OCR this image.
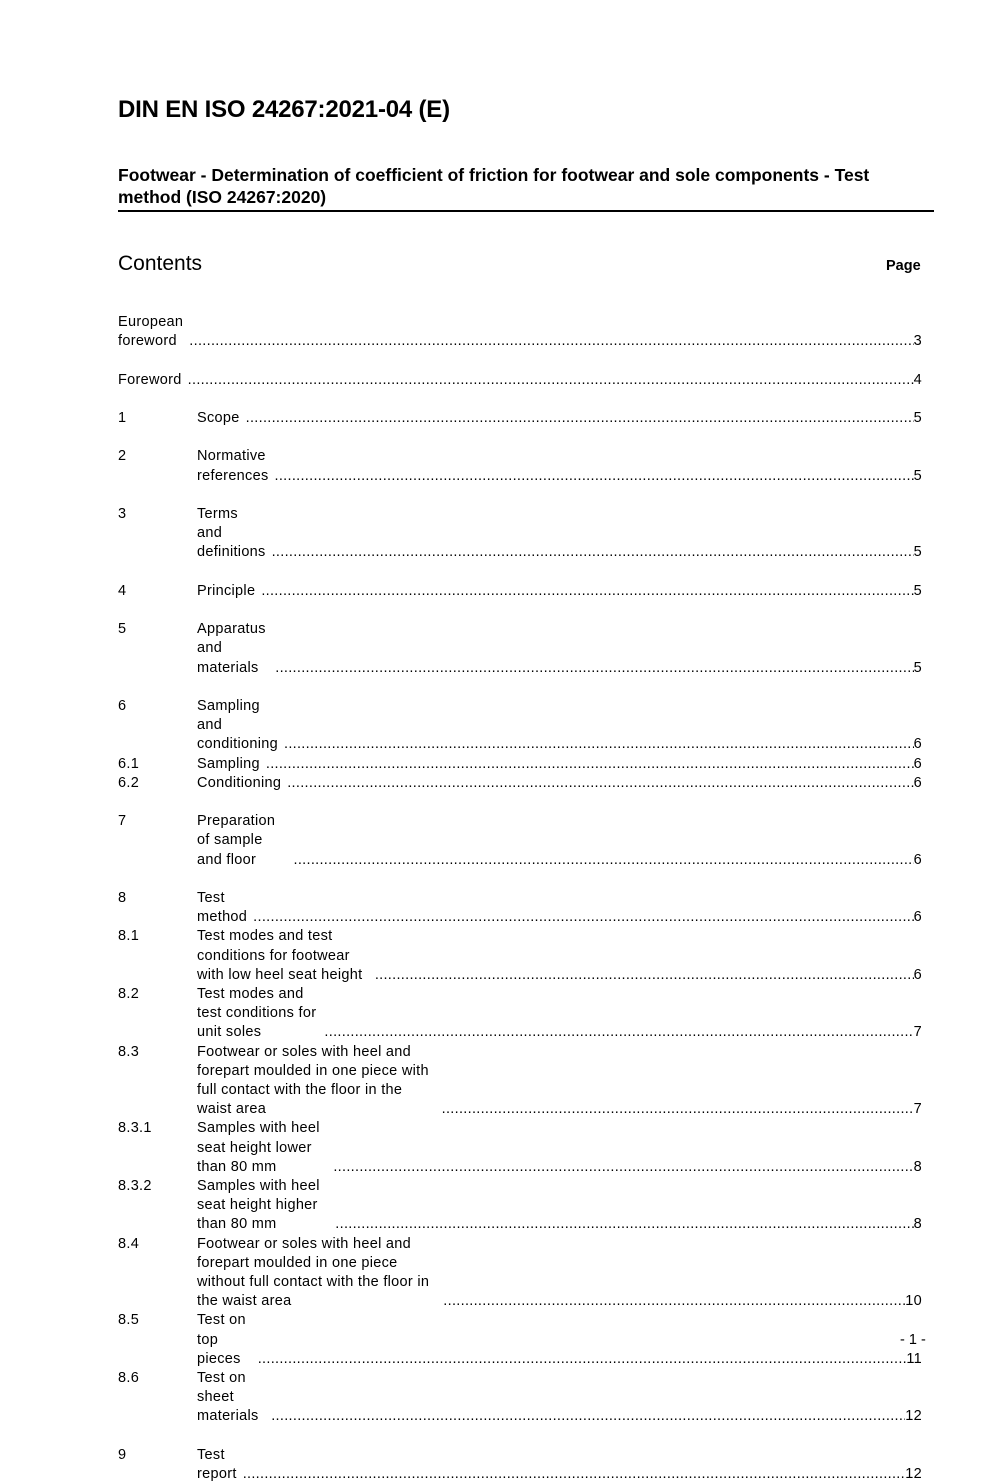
DIN EN ISO 24267:2021-04 (E)
Footwear - Determination of coefficient of friction for footwear and sole components - Test method (ISO 24267:2020)
Contents	Page
European foreword .....	3
Foreword .....	4
1	Scope .....	5
2	Normative references .....	5
3	Terms and definitions .....	5
4	Principle .....	5
5	Apparatus and materials .....	5
6	Sampling and conditioning .....	6
6.1	Sampling .....	6
6.2	Conditioning .....	6
7	Preparation of sample and floor .....	6
8	Test method .....	6
8.1	Test modes and test conditions for footwear with low heel seat height .....	6
8.2	Test modes and test conditions for unit soles .....	7
8.3	Footwear or soles with heel and forepart moulded in one piece with full contact with the floor in the waist area .....	7
8.3.1	Samples with heel seat height lower than 80 mm .....	8
8.3.2	Samples with heel seat height higher than 80 mm .....	8
8.4	Footwear or soles with heel and forepart moulded in one piece without full contact with the floor in the waist area .....	10
8.5	Test on top pieces .....	11
8.6	Test on sheet materials .....	12
9	Test report .....	12
- 1 -
